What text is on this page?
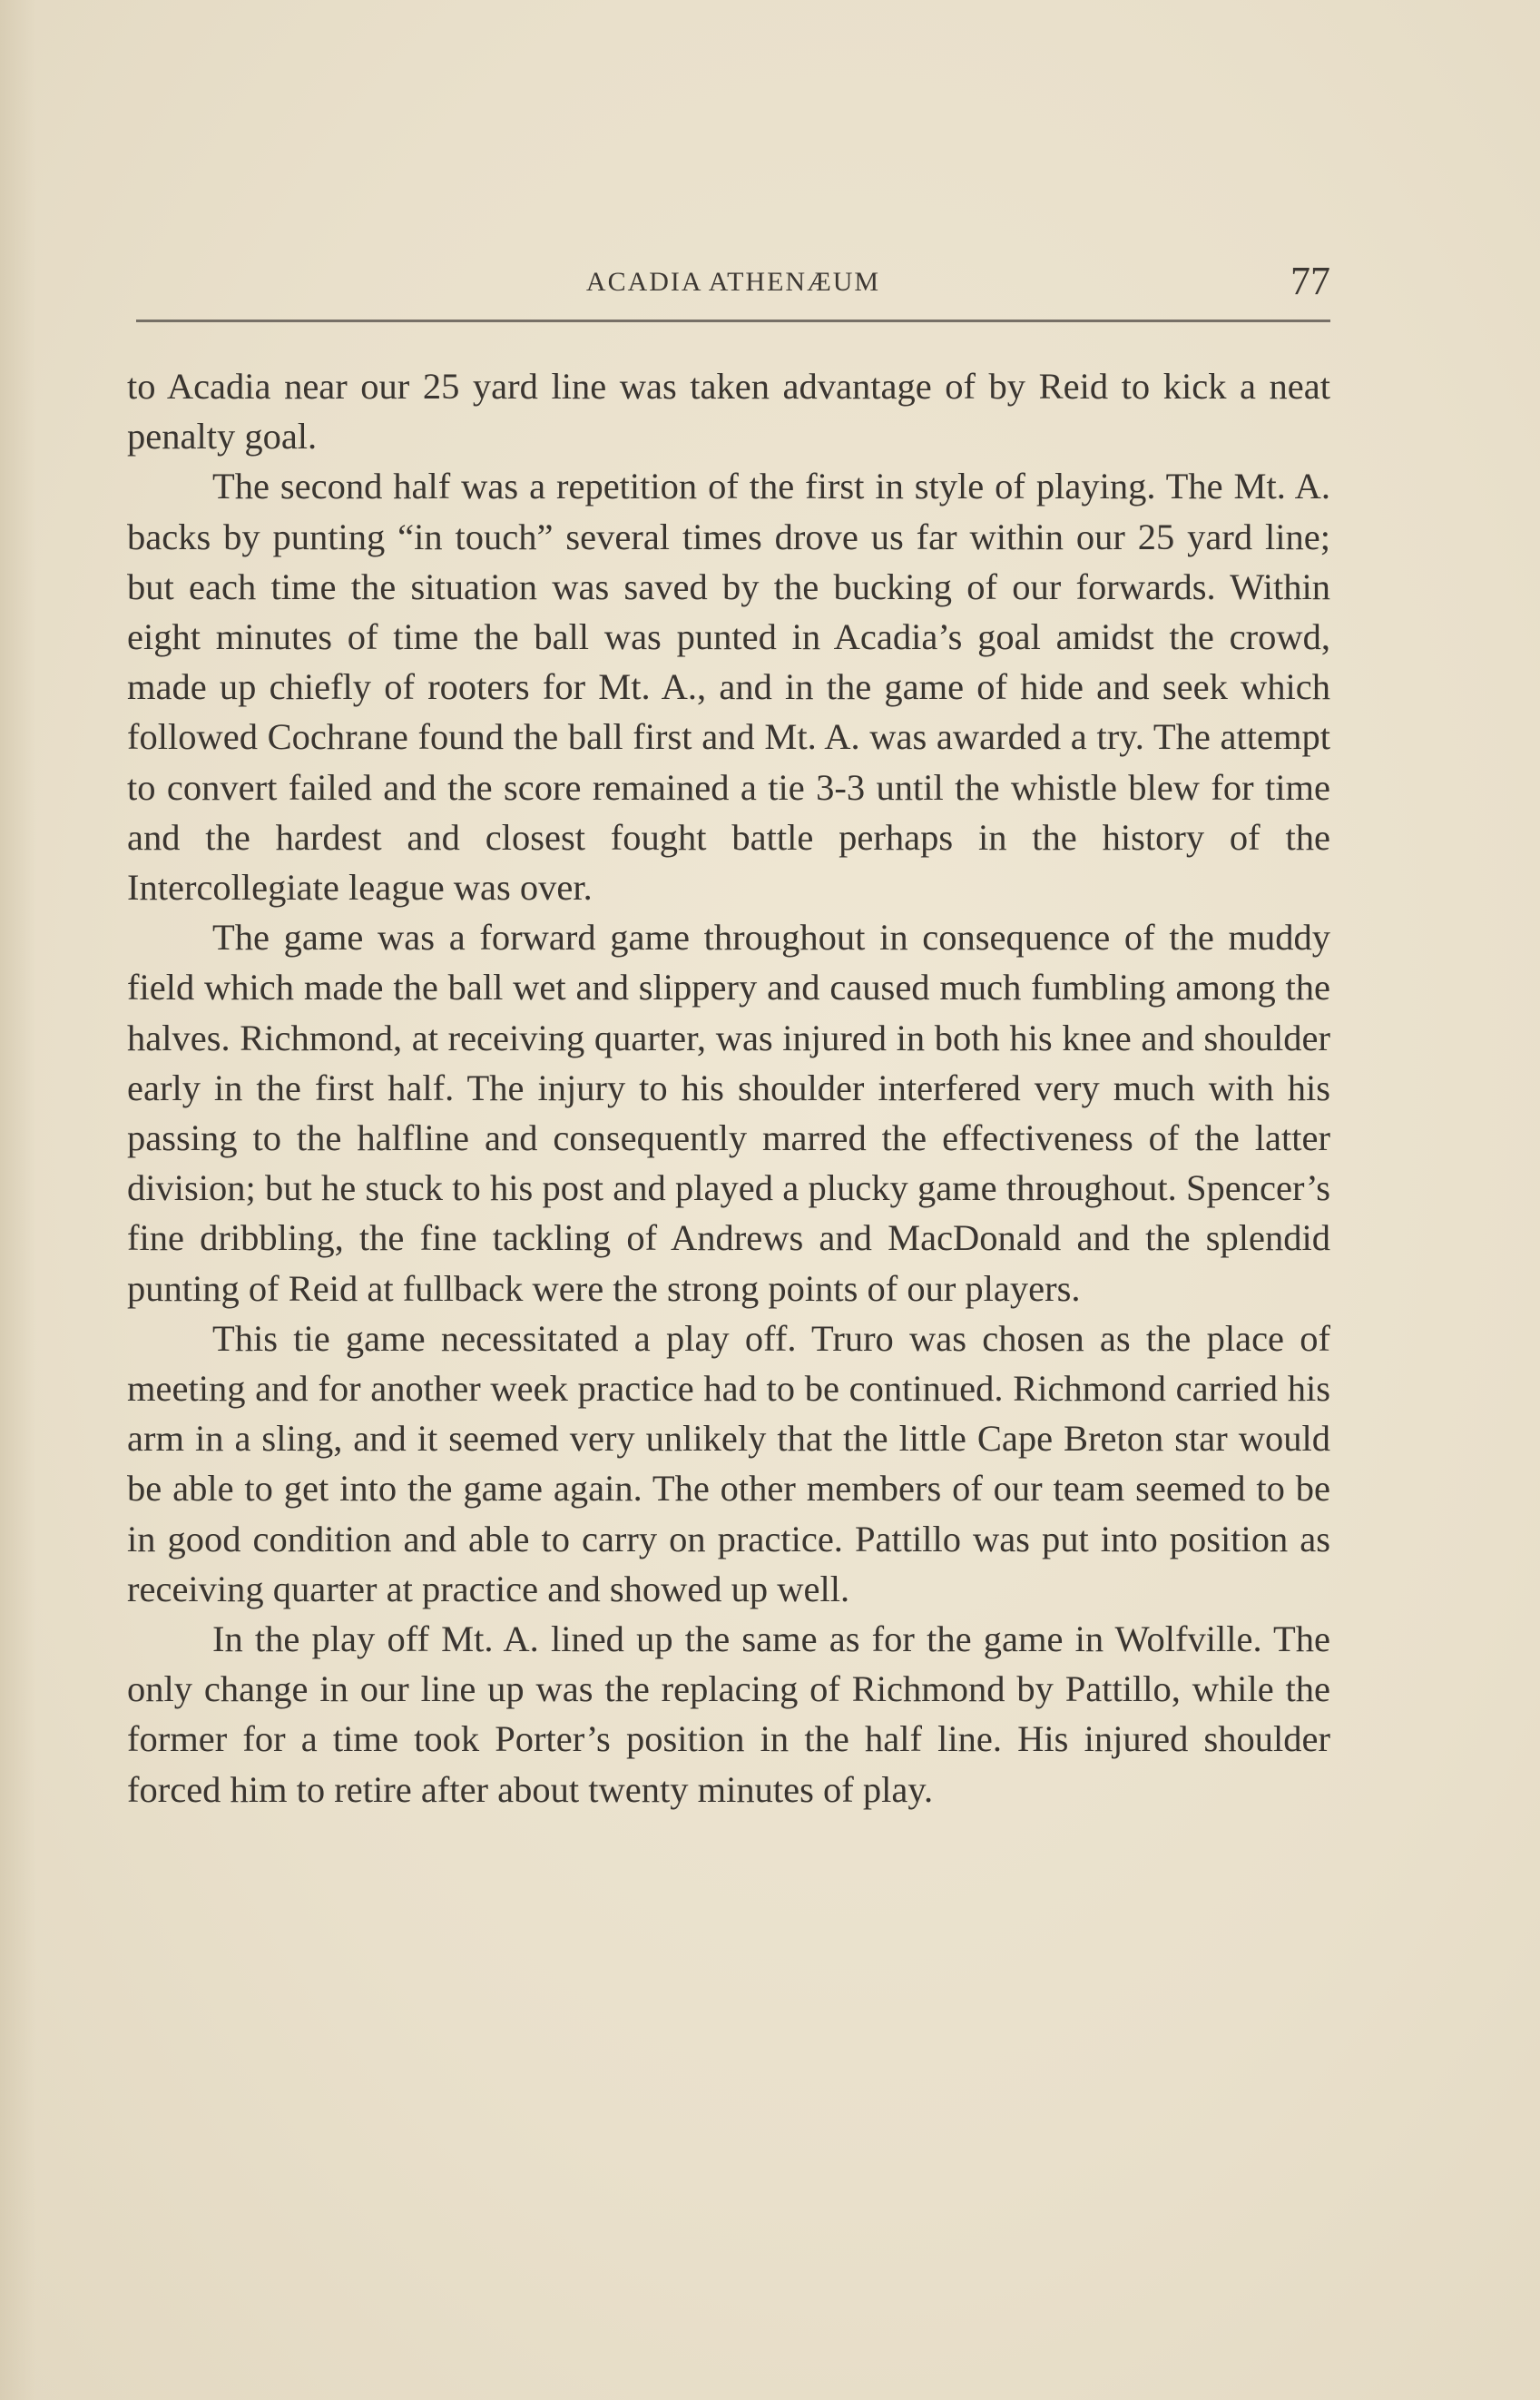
ACADIA ATHENÆUM	77

to Acadia near our 25 yard line was taken advantage of by Reid to kick a neat penalty goal.

The second half was a repetition of the first in style of playing. The Mt. A. backs by punting “in touch” several times drove us far within our 25 yard line; but each time the situation was saved by the bucking of our forwards. Within eight minutes of time the ball was punted in Acadia’s goal amidst the crowd, made up chiefly of rooters for Mt. A., and in the game of hide and seek which followed Cochrane found the ball first and Mt. A. was awarded a try. The attempt to convert failed and the score remained a tie 3-3 until the whistle blew for time and the hardest and closest fought battle perhaps in the history of the Intercollegiate league was over.

The game was a forward game throughout in consequence of the muddy field which made the ball wet and slippery and caused much fumbling among the halves. Richmond, at receiving quarter, was injured in both his knee and shoulder early in the first half. The injury to his shoulder interfered very much with his passing to the halfline and consequently marred the effectiveness of the latter division; but he stuck to his post and played a plucky game throughout. Spencer’s fine dribbling, the fine tackling of Andrews and MacDonald and the splendid punting of Reid at fullback were the strong points of our players.

This tie game necessitated a play off. Truro was chosen as the place of meeting and for another week practice had to be continued. Richmond carried his arm in a sling, and it seemed very unlikely that the little Cape Breton star would be able to get into the game again. The other members of our team seemed to be in good condition and able to carry on practice. Pattillo was put into position as receiving quarter at practice and showed up well.

In the play off Mt. A. lined up the same as for the game in Wolfville. The only change in our line up was the replacing of Richmond by Pattillo, while the former for a time took Porter’s position in the half line. His injured shoulder forced him to retire after about twenty minutes of play.
